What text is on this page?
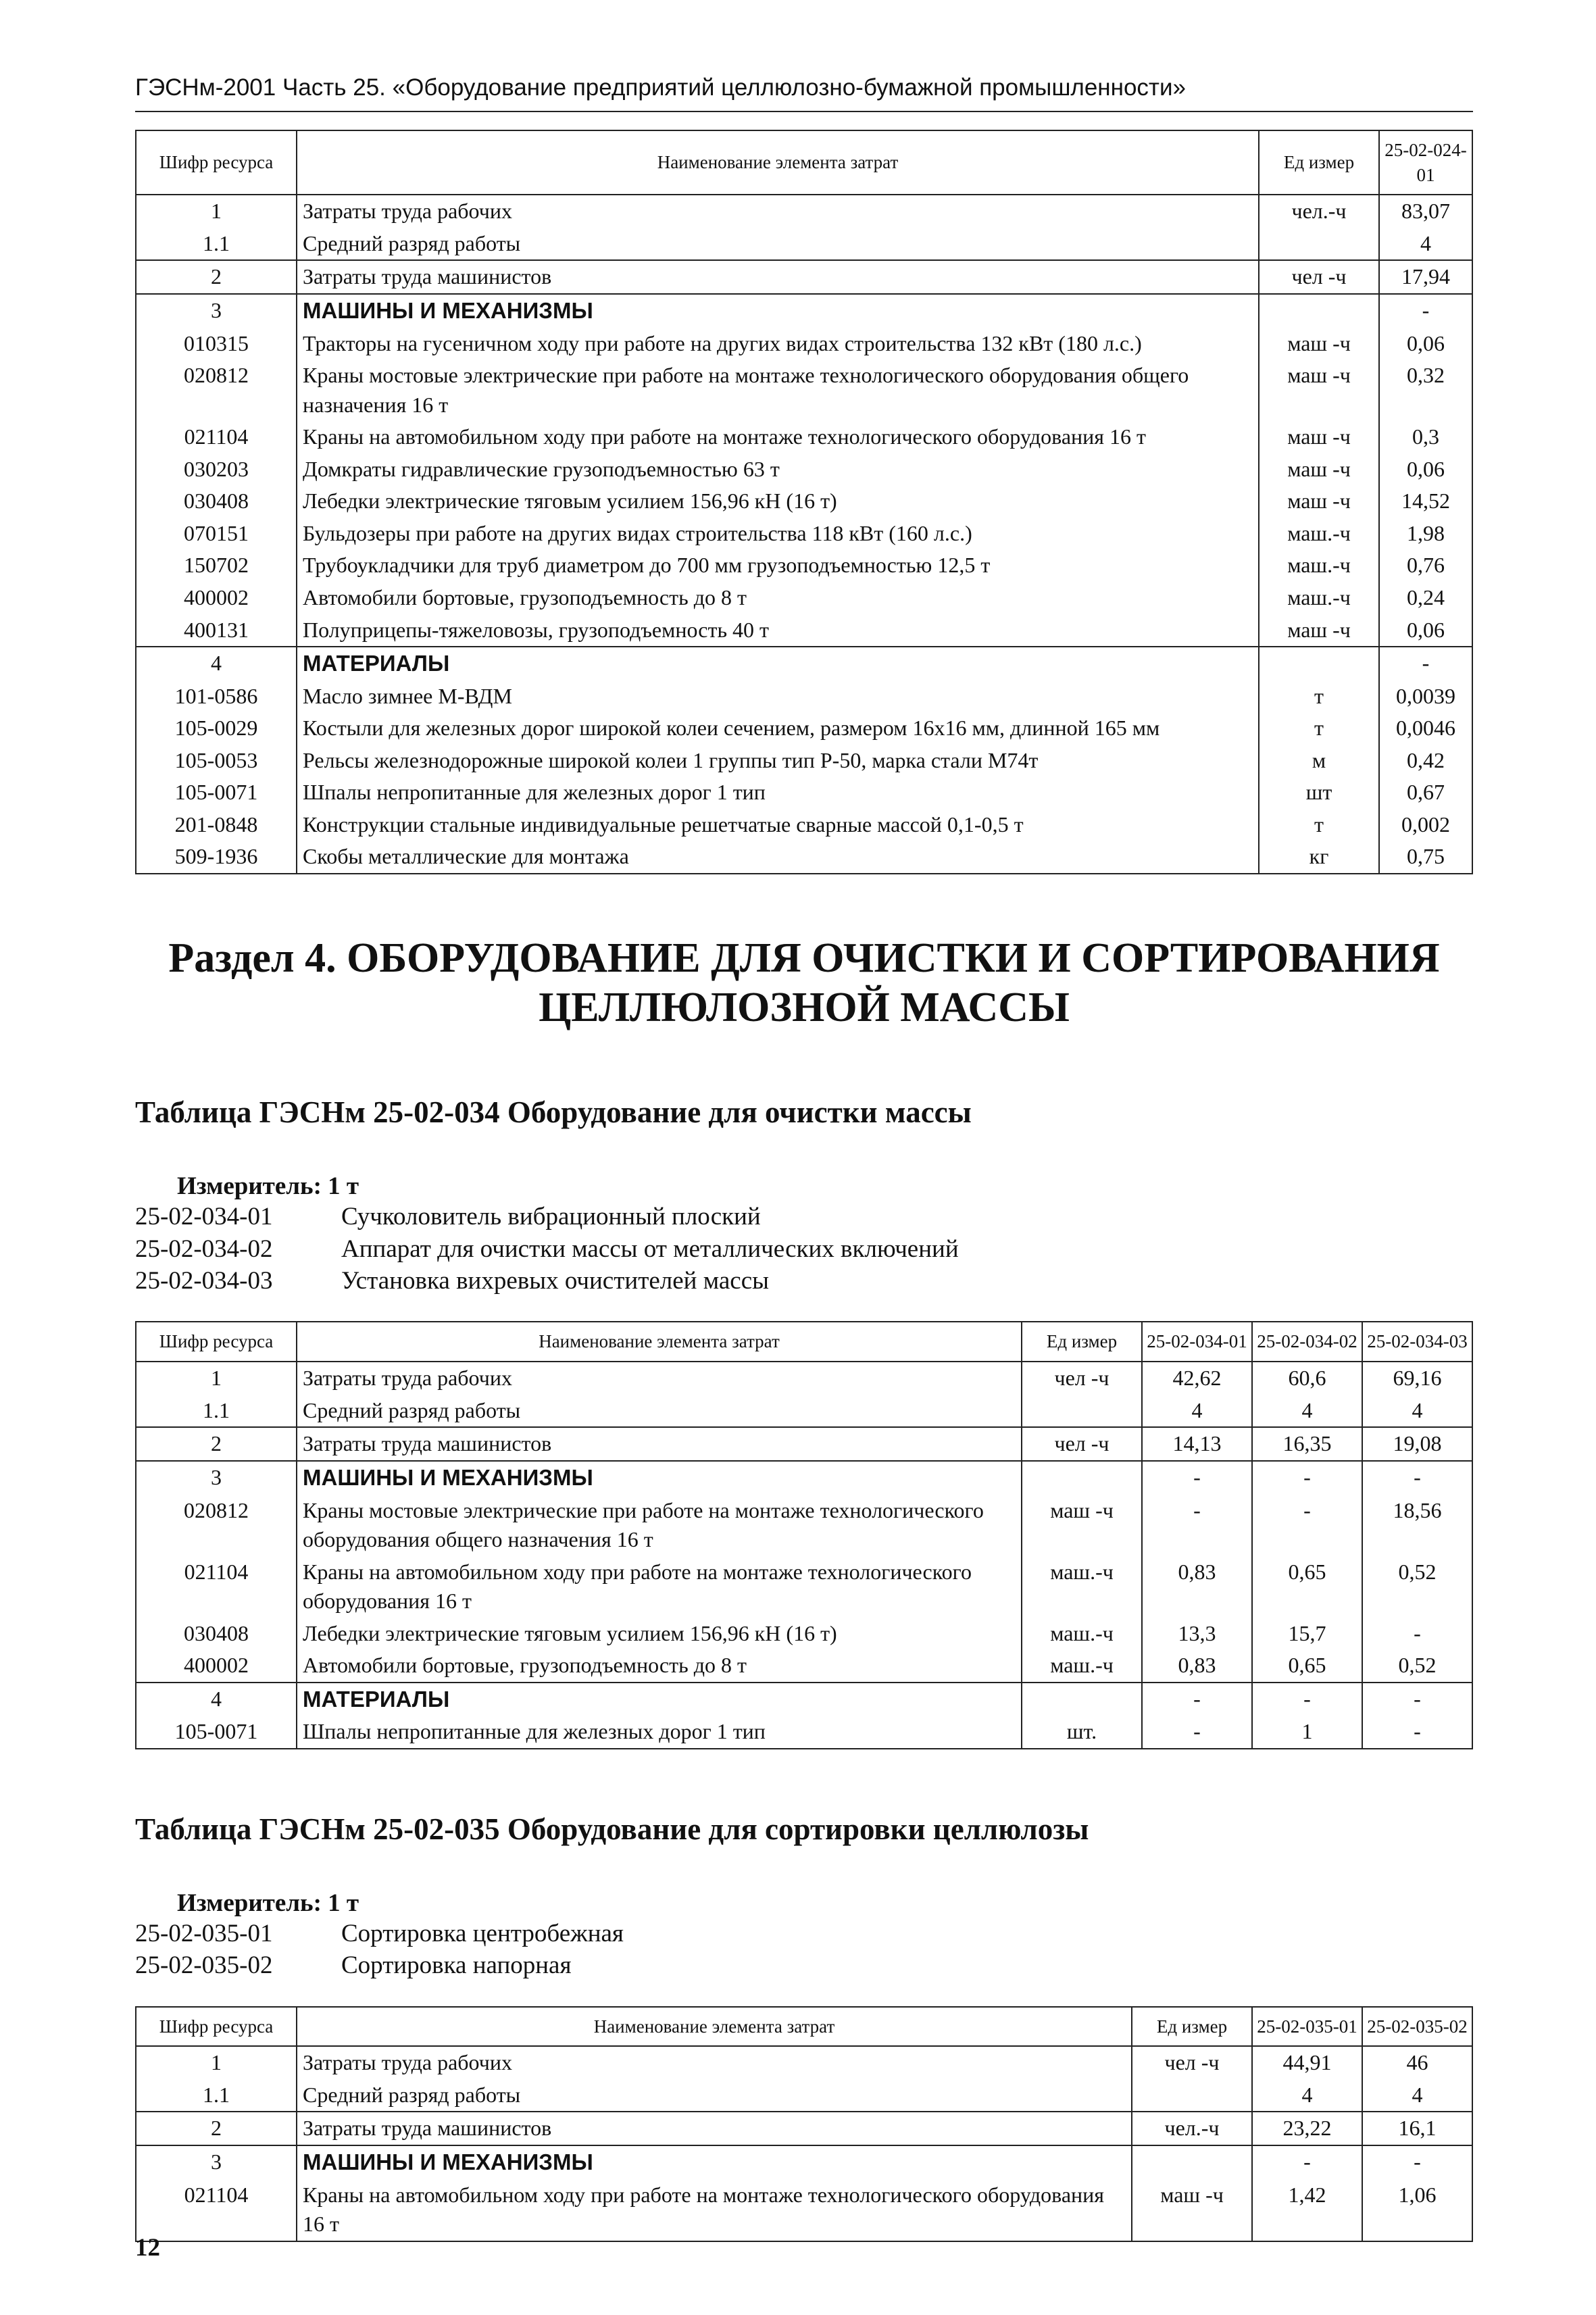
ГЭСНм-2001 Часть 25. «Оборудование предприятий целлюлозно-бумажной промышленности»
Шифр ресурса	Наименование элемента затрат	Ед измер	25-02-024-01
1	Затраты труда рабочих	чел.-ч	83,07
1.1	Средний разряд работы		4
2	Затраты труда машинистов	чел -ч	17,94
3	МАШИНЫ И МЕХАНИЗМЫ		-
010315	Тракторы на гусеничном ходу при работе на других видах строительства 132 кВт (180 л.с.)	маш -ч	0,06
020812	Краны мостовые электрические при работе на монтаже технологического оборудования общего назначения 16 т	маш -ч	0,32
021104	Краны на автомобильном ходу при работе на монтаже технологического оборудования 16 т	маш -ч	0,3
030203	Домкраты гидравлические грузоподъемностью 63 т	маш -ч	0,06
030408	Лебедки электрические тяговым усилием 156,96 кН (16 т)	маш -ч	14,52
070151	Бульдозеры при работе на других видах строительства 118 кВт (160 л.с.)	маш.-ч	1,98
150702	Трубоукладчики для труб диаметром до 700 мм грузоподъемностью 12,5 т	маш.-ч	0,76
400002	Автомобили бортовые, грузоподъемность до 8 т	маш.-ч	0,24
400131	Полуприцепы-тяжеловозы, грузоподъемность 40 т	маш -ч	0,06
4	МАТЕРИАЛЫ		-
101-0586	Масло зимнее М-ВДМ	т	0,0039
105-0029	Костыли для железных дорог широкой колеи сечением, размером 16x16 мм, длинной 165 мм	т	0,0046
105-0053	Рельсы железнодорожные широкой колеи 1 группы тип Р-50, марка стали М74т	м	0,42
105-0071	Шпалы непропитанные для железных дорог 1 тип	шт	0,67
201-0848	Конструкции стальные индивидуальные решетчатые сварные массой 0,1-0,5 т	т	0,002
509-1936	Скобы металлические для монтажа	кг	0,75
Раздел 4. ОБОРУДОВАНИЕ ДЛЯ ОЧИСТКИ И СОРТИРОВАНИЯ
ЦЕЛЛЮЛОЗНОЙ МАССЫ
Таблица ГЭСНм 25-02-034 Оборудование для очистки массы
Измеритель: 1 т
25-02-034-01	Сучколовитель вибрационный плоский
25-02-034-02	Аппарат для очистки массы от металлических включений
25-02-034-03	Установка вихревых очистителей массы
Шифр ресурса	Наименование элемента затрат	Ед измер	25-02-034-01	25-02-034-02	25-02-034-03
1	Затраты труда рабочих	чел -ч	42,62	60,6	69,16
1.1	Средний разряд работы		4	4	4
2	Затраты труда машинистов	чел -ч	14,13	16,35	19,08
3	МАШИНЫ И МЕХАНИЗМЫ		-	-	-
020812	Краны мостовые электрические при работе на монтаже технологического оборудования общего назначения 16 т	маш -ч	-	-	18,56
021104	Краны на автомобильном ходу при работе на монтаже технологического оборудования 16 т	маш.-ч	0,83	0,65	0,52
030408	Лебедки электрические тяговым усилием 156,96 кН (16 т)	маш.-ч	13,3	15,7	-
400002	Автомобили бортовые, грузоподъемность до 8 т	маш.-ч	0,83	0,65	0,52
4	МАТЕРИАЛЫ		-	-	-
105-0071	Шпалы непропитанные для железных дорог 1 тип	шт.	-	1	-
Таблица ГЭСНм 25-02-035 Оборудование для сортировки целлюлозы
Измеритель: 1 т
25-02-035-01	Сортировка центробежная
25-02-035-02	Сортировка напорная
Шифр ресурса	Наименование элемента затрат	Ед измер	25-02-035-01	25-02-035-02
1	Затраты труда рабочих	чел -ч	44,91	46
1.1	Средний разряд работы		4	4
2	Затраты труда машинистов	чел.-ч	23,22	16,1
3	МАШИНЫ И МЕХАНИЗМЫ		-	-
021104	Краны на автомобильном ходу при работе на монтаже технологического оборудования 16 т	маш -ч	1,42	1,06
12
